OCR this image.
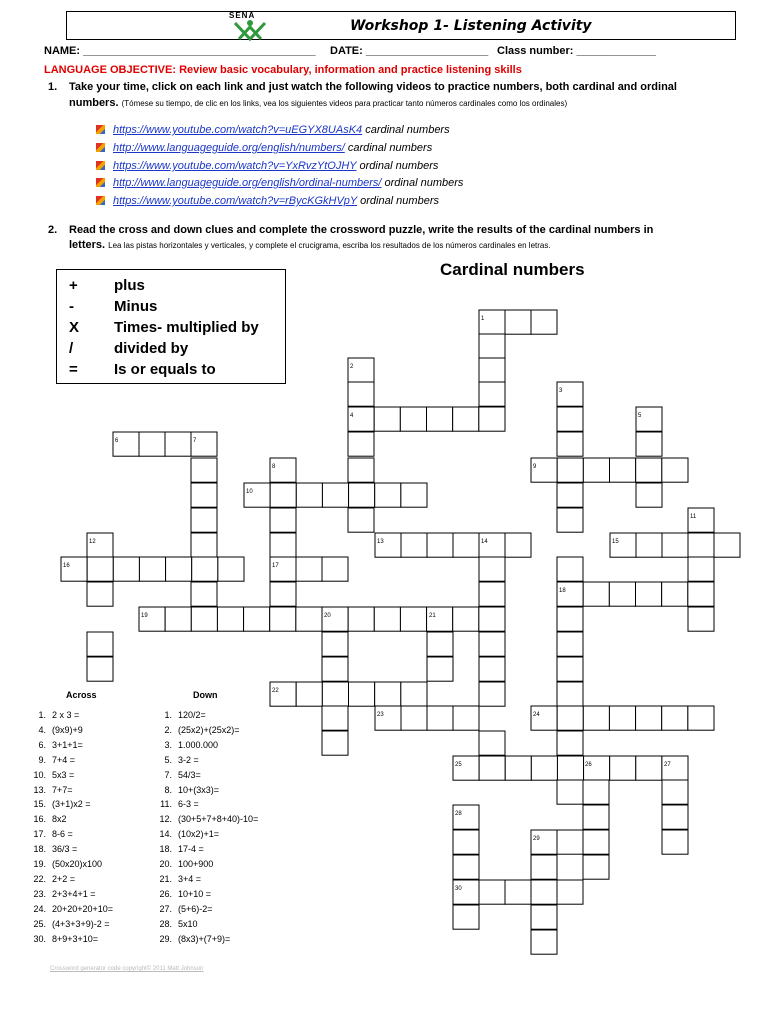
SENA
Workshop 1- Listening Activity
NAME: ______________________________________ DATE: ____________________ Class number: _____________
LANGUAGE OBJECTIVE: Review basic vocabulary, information and practice listening skills
1. Take your time, click on each link and just watch the following videos to practice numbers, both cardinal and ordinal
numbers. (Tómese su tiempo, de clic en los links, vea los siguientes videos para practicar tanto números cardinales como los ordinales)
https://www.youtube.com/watch?v=uEGYX8UAsK4 cardinal numbers
http://www.languageguide.org/english/numbers/ cardinal numbers
https://www.youtube.com/watch?v=YxRvzYtOJHY ordinal numbers
http://www.languageguide.org/english/ordinal-numbers/ ordinal numbers
https://www.youtube.com/watch?v=rBycKGkHVpY ordinal numbers
2. Read the cross and down clues and complete the crossword puzzle, write the results of the cardinal numbers in
letters. Lea las pistas horizontales y verticales, y complete el crucigrama, escriba los resultados de los números cardinales en letras.
+ plus
-	Minus
X Times- multiplied by
/	divided by
= Is or equals to
Cardinal numbers
1
2
3
4	5
6	7
8	9
10
11
12	13	14	15
16	17
18
19	20	21
22
23	24
25	26	27
28
29
30
Across	Down
1. 2 x 3 =
4. (9x9)+9
6. 3+1+1=
9. 7+4 =
10. 5x3 =
13. 7+7=
15. (3+1)x2 =
16. 8x2
17. 8-6 =
18. 36/3 =
19. (50x20)x100
22. 2+2 =
23. 2+3+4+1 =
24. 20+20+20+10=
25. (4+3+3+9)-2 =
30. 8+9+3+10=
1. 120/2=
2. (25x2)+(25x2)=
3. 1.000.000
5. 3-2 =
7. 54/3=
8. 10+(3x3)=
11. 6-3 =
12. (30+5+7+8+40)-10=
14. (10x2)+1=
18. 17-4 =
20. 100+900
21. 3+4 =
26. 10+10 =
27. (5+6)-2=
28. 5x10
29. (8x3)+(7+9)=
Crossword generator code copyright© 2011 Matt Johnson
